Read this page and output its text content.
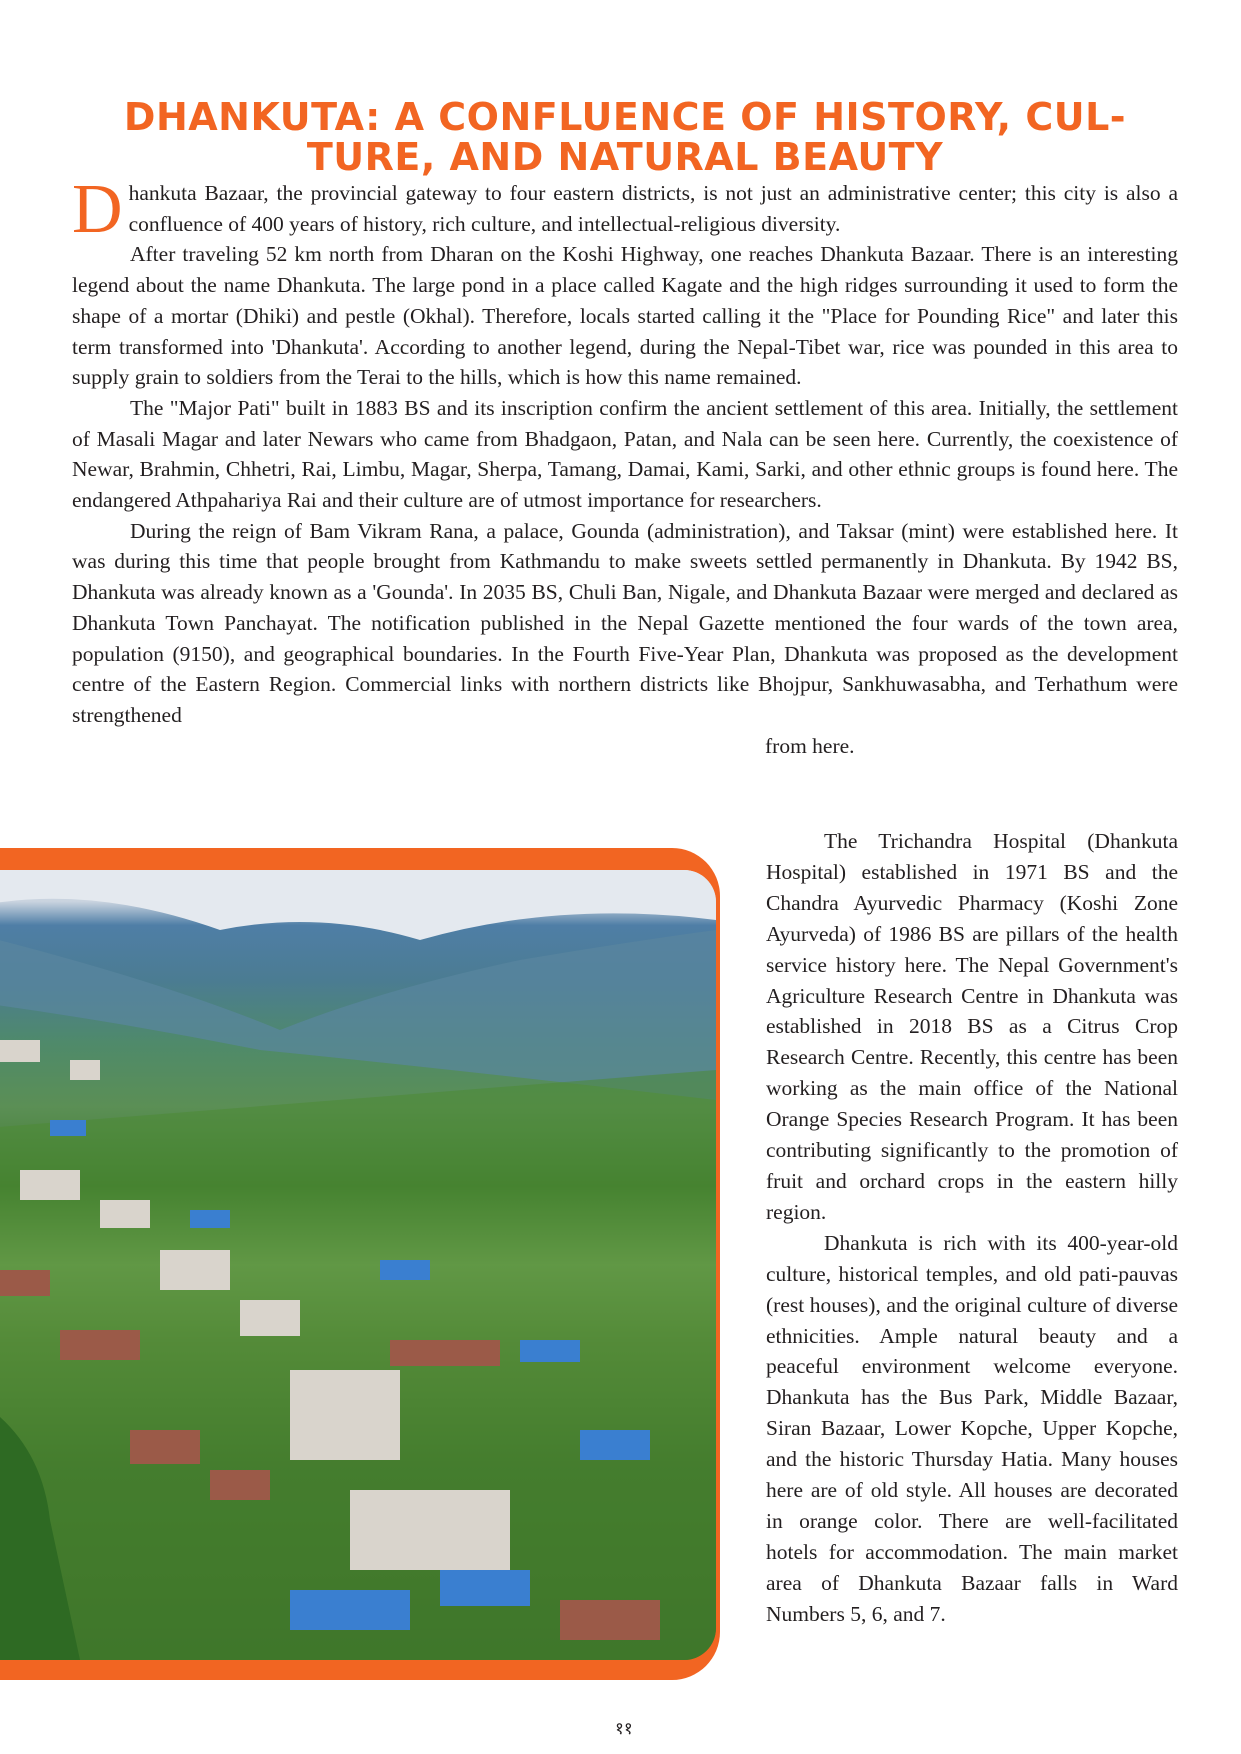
DHANKUTA: A CONFLUENCE OF HISTORY, CUL-
TURE, AND NATURAL BEAUTY

Dhankuta Bazaar, the provincial gateway to four eastern districts, is not just an administrative center; this city is also a confluence of 400 years of history, rich culture, and intellectual-religious diversity.

After traveling 52 km north from Dharan on the Koshi Highway, one reaches Dhankuta Bazaar. There is an interesting legend about the name Dhankuta. The large pond in a place called Kagate and the high ridges surrounding it used to form the shape of a mortar (Dhiki) and pestle (Okhal). Therefore, locals started calling it the "Place for Pounding Rice" and later this term transformed into 'Dhankuta'. According to another legend, during the Nepal-Tibet war, rice was pounded in this area to supply grain to soldiers from the Terai to the hills, which is how this name remained.

The "Major Pati" built in 1883 BS and its inscription confirm the ancient settlement of this area. Initially, the settlement of Masali Magar and later Newars who came from Bhadgaon, Patan, and Nala can be seen here. Currently, the coexistence of Newar, Brahmin, Chhetri, Rai, Limbu, Magar, Sherpa, Tamang, Damai, Kami, Sarki, and other ethnic groups is found here. The endangered Athpahariya Rai and their culture are of utmost importance for researchers.

During the reign of Bam Vikram Rana, a palace, Gounda (administration), and Taksar (mint) were established here. It was during this time that people brought from Kathmandu to make sweets settled permanently in Dhankuta. By 1942 BS, Dhankuta was already known as a 'Gounda'. In 2035 BS, Chuli Ban, Nigale, and Dhankuta Bazaar were merged and declared as Dhankuta Town Panchayat. The notification published in the Nepal Gazette mentioned the four wards of the town area, population (9150), and geographical boundaries. In the Fourth Five-Year Plan, Dhankuta was proposed as the development centre of the Eastern Region. Commercial links with northern districts like Bhojpur, Sankhuwasabha, and Terhathum were strengthened

from here.

The Trichandra Hospital (Dhankuta Hospital) established in 1971 BS and the Chandra Ayurvedic Pharmacy (Koshi Zone Ayurveda) of 1986 BS are pillars of the health service history here. The Nepal Government's Agriculture Research Centre in Dhankuta was established in 2018 BS as a Citrus Crop Research Centre. Recently, this centre has been working as the main office of the National Orange Species Research Program. It has been contributing significantly to the promotion of fruit and orchard crops in the eastern hilly region.

Dhankuta is rich with its 400-year-old culture, historical temples, and old pati-pauvas (rest houses), and the original culture of diverse ethnicities. Ample natural beauty and a peaceful environment welcome everyone. Dhankuta has the Bus Park, Middle Bazaar, Siran Bazaar, Lower Kopche, Upper Kopche, and the historic Thursday Hatia. Many houses here are of old style. All houses are decorated in orange color. There are well-facilitated hotels for accommodation. The main market area of Dhankuta Bazaar falls in Ward Numbers 5, 6, and 7.

११
